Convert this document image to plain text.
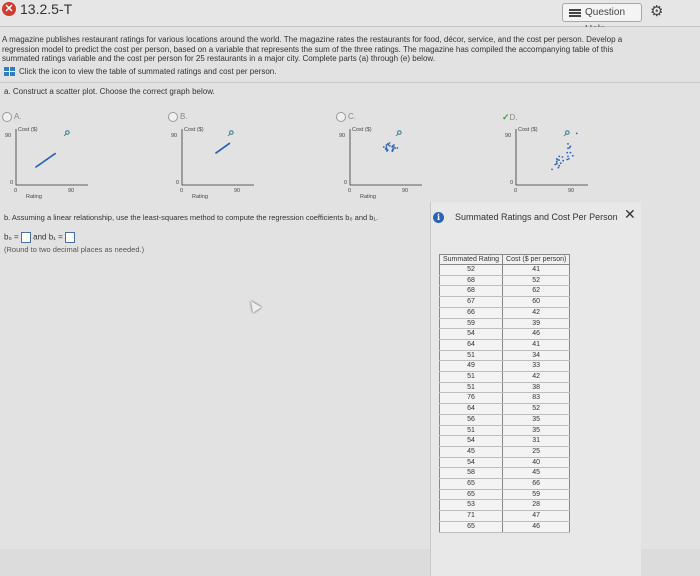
✕ 13.2.5-T	Question	⚙
A magazine publishes restaurant ratings for various locations around the world. The magazine rates the restaurants for food, décor, service, and the cost per person. Develop a regression model to predict the cost per person, based on a variable that represents the sum of the three ratings. The magazine has compiled the accompanying table of this summated ratings variable and the cost per person for 25 restaurants in a major city. Complete parts (a) through (e) below.
Click the icon to view the table of summated ratings and cost per person.
a. Construct a scatter plot. Choose the correct graph below.
A.
Cost ($)
90
0
0	90
Rating
⌕
B.
Cost ($)
90
0
0	90
Rating
⌕
C.
Cost ($)
90
0
0	90
Rating
⌕
✓D.
Cost ($)
90
0
0	90
⌕
b. Assuming a linear relationship, use the least-squares method to compute the regression coefficients b₀ and b₁.
b₀ = and b₁ =
(Round to two decimal places as needed.)
i	Summated Ratings and Cost Per Person ✕
Summated Rating	Cost ($ per person)
52	41
68	52
68	62
67	60
66	42
59	39
54	46
64	41
51	34
49	33
51	42
51	38
76	83
64	52
56	35
51	35
54	31
45	25
54	40
58	45
65	66
65	59
53	28
71	47
65	46
